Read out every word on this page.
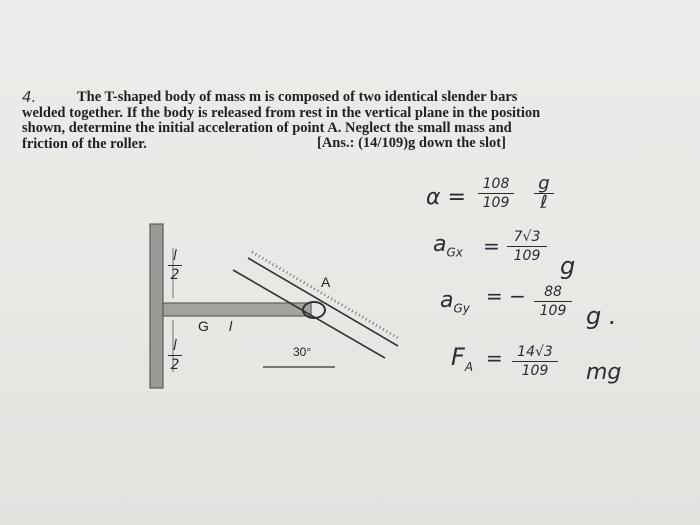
4.	The T-shaped body of mass m is composed of two identical slender bars
welded together. If the body is released from rest in the vertical plane in the position
shown, determine the initial acceleration of point A. Neglect the small mass and
friction of the roller.	[Ans.: (14/109)g down the slot]
l
2
l
2
G l
A
30°
α =
108
109
g
ℓ
$a_{Gx} = 7√3$
109 g
$a_{Gy}$
= −	88
109 g .
$F_A$ =	14√3
109	mg
